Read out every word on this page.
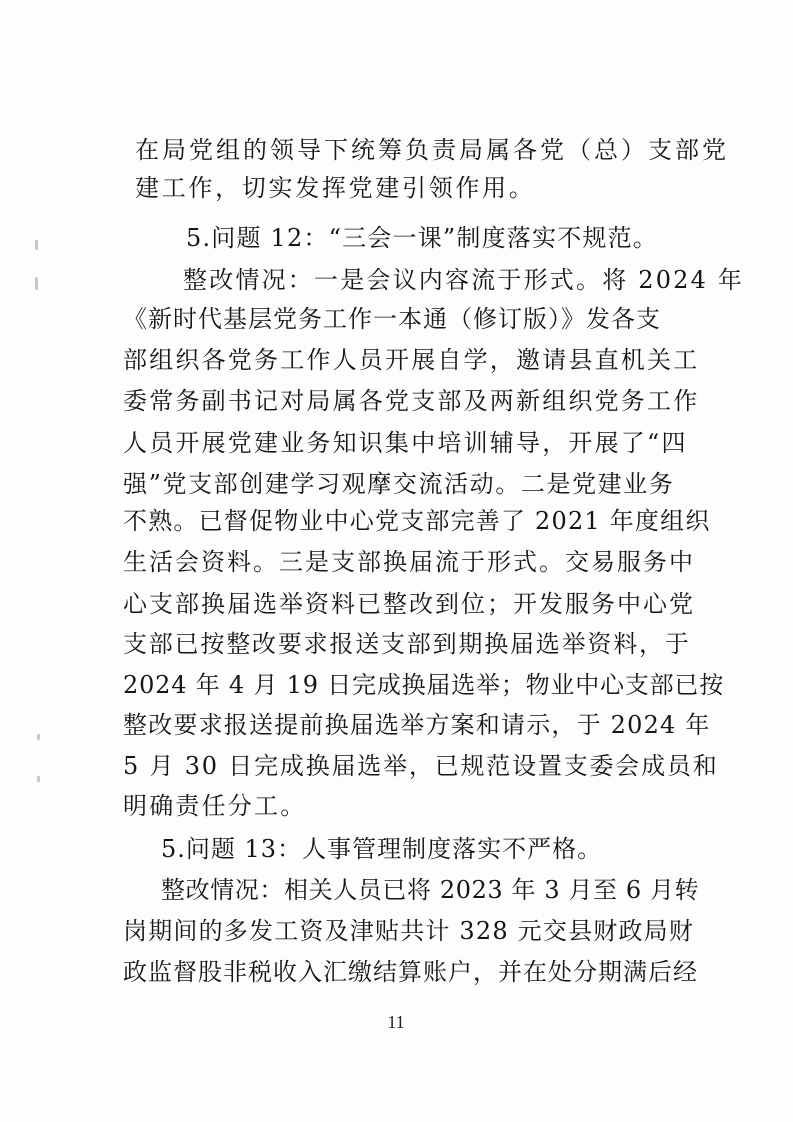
在局党组的领导下统筹负责局属各党（总）支部党
建工作，切实发挥党建引领作用。
5.问题 12：“三会一课”制度落实不规范。
整改情况：一是会议内容流于形式。将 2024 年
《新时代基层党务工作一本通（修订版）》发各支
部组织各党务工作人员开展自学，邀请县直机关工
委常务副书记对局属各党支部及两新组织党务工作
人员开展党建业务知识集中培训辅导，开展了“四
强”党支部创建学习观摩交流活动。二是党建业务
不熟。已督促物业中心党支部完善了 2021 年度组织
生活会资料。三是支部换届流于形式。交易服务中
心支部换届选举资料已整改到位；开发服务中心党
支部已按整改要求报送支部到期换届选举资料，于
2024 年 4 月 19 日完成换届选举；物业中心支部已按
整改要求报送提前换届选举方案和请示，于 2024 年
5 月 30 日完成换届选举，已规范设置支委会成员和
明确责任分工。
5.问题 13：人事管理制度落实不严格。
整改情况：相关人员已将 2023 年 3 月至 6 月转
岗期间的多发工资及津贴共计 328 元交县财政局财
政监督股非税收入汇缴结算账户，并在处分期满后经
11
